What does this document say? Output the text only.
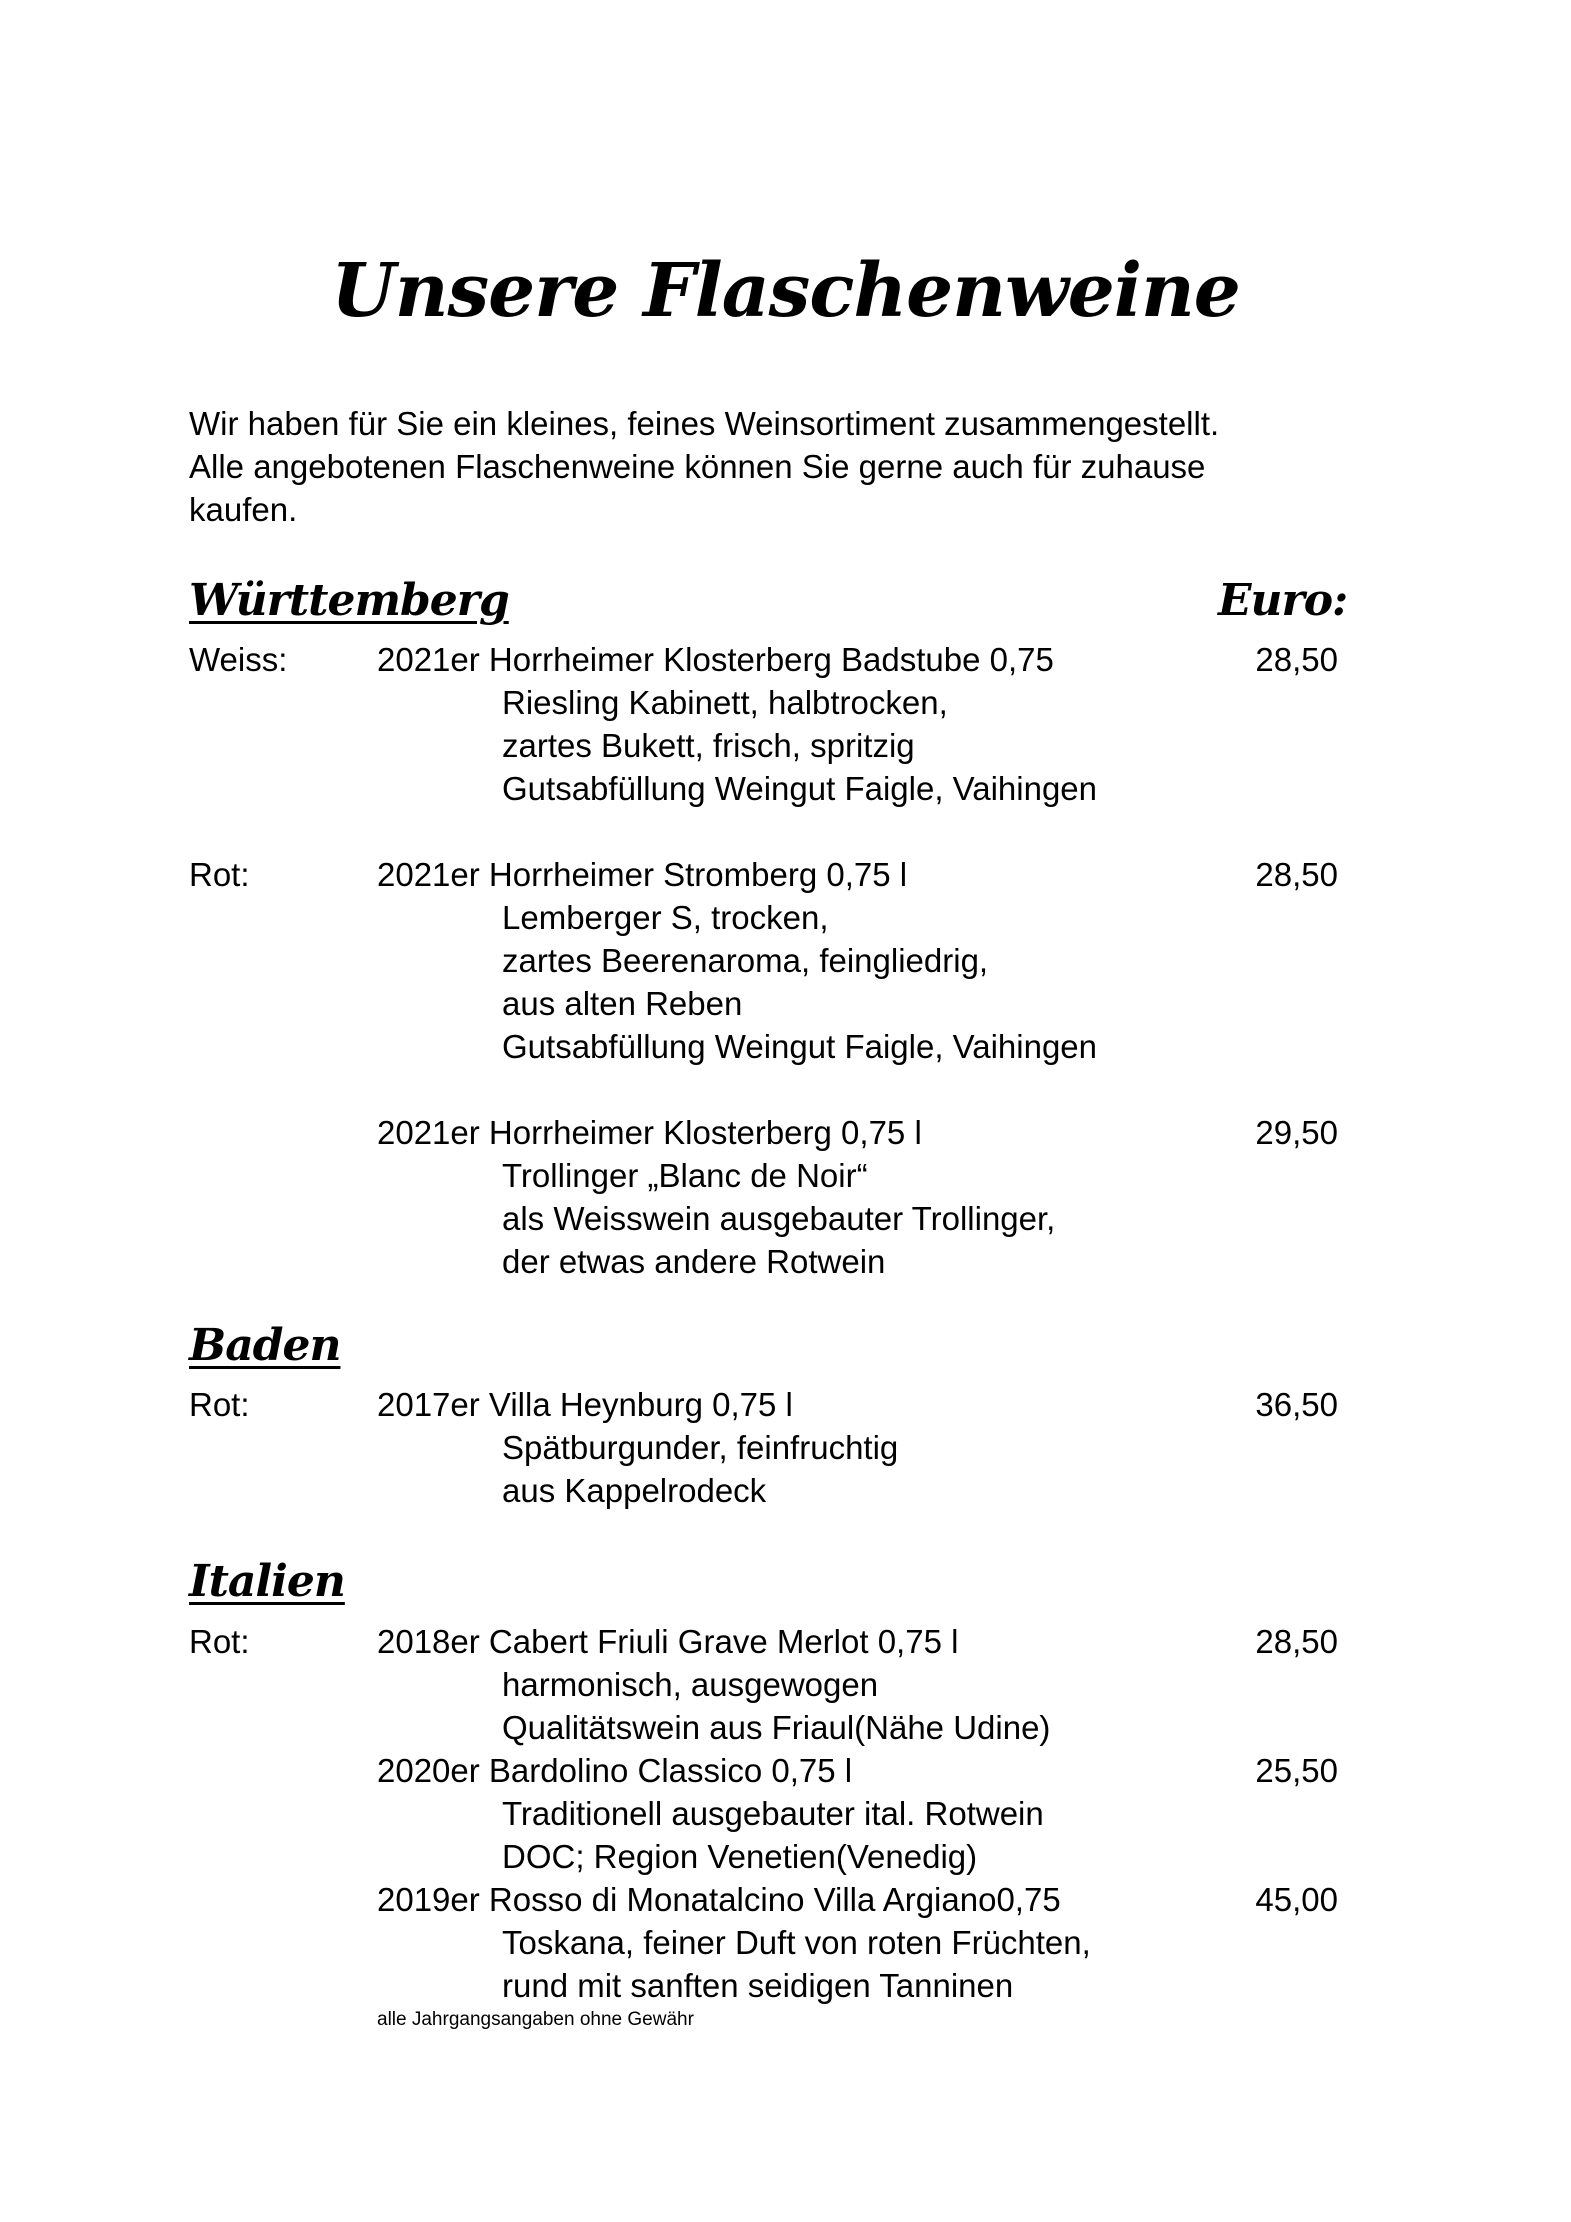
Unsere Flaschenweine
Wir haben für Sie ein kleines, feines Weinsortiment zusammengestellt.
Alle angebotenen Flaschenweine können Sie gerne auch für zuhause
kaufen.
Württemberg	Euro:
Weiss:	2021er Horrheimer Klosterberg Badstube 0,75	28,50
Riesling Kabinett, halbtrocken,
zartes Bukett, frisch, spritzig
Gutsabfüllung Weingut Faigle, Vaihingen
Rot:	2021er Horrheimer Stromberg 0,75 l	28,50
Lemberger S, trocken,
zartes Beerenaroma, feingliedrig,
aus alten Reben
Gutsabfüllung Weingut Faigle, Vaihingen
2021er Horrheimer Klosterberg 0,75 l	29,50
Trollinger „Blanc de Noir“
als Weisswein ausgebauter Trollinger,
der etwas andere Rotwein
Baden
Rot:	2017er Villa Heynburg 0,75 l	36,50
Spätburgunder, feinfruchtig
aus Kappelrodeck
Italien
Rot:	2018er Cabert Friuli Grave Merlot 0,75 l	28,50
harmonisch, ausgewogen
Qualitätswein aus Friaul(Nähe Udine)
2020er Bardolino Classico 0,75 l	25,50
Traditionell ausgebauter ital. Rotwein
DOC; Region Venetien(Venedig)
2019er Rosso di Monatalcino Villa Argiano0,75	45,00
Toskana, feiner Duft von roten Früchten,
rund mit sanften seidigen Tanninen
alle Jahrgangsangaben ohne Gewähr
